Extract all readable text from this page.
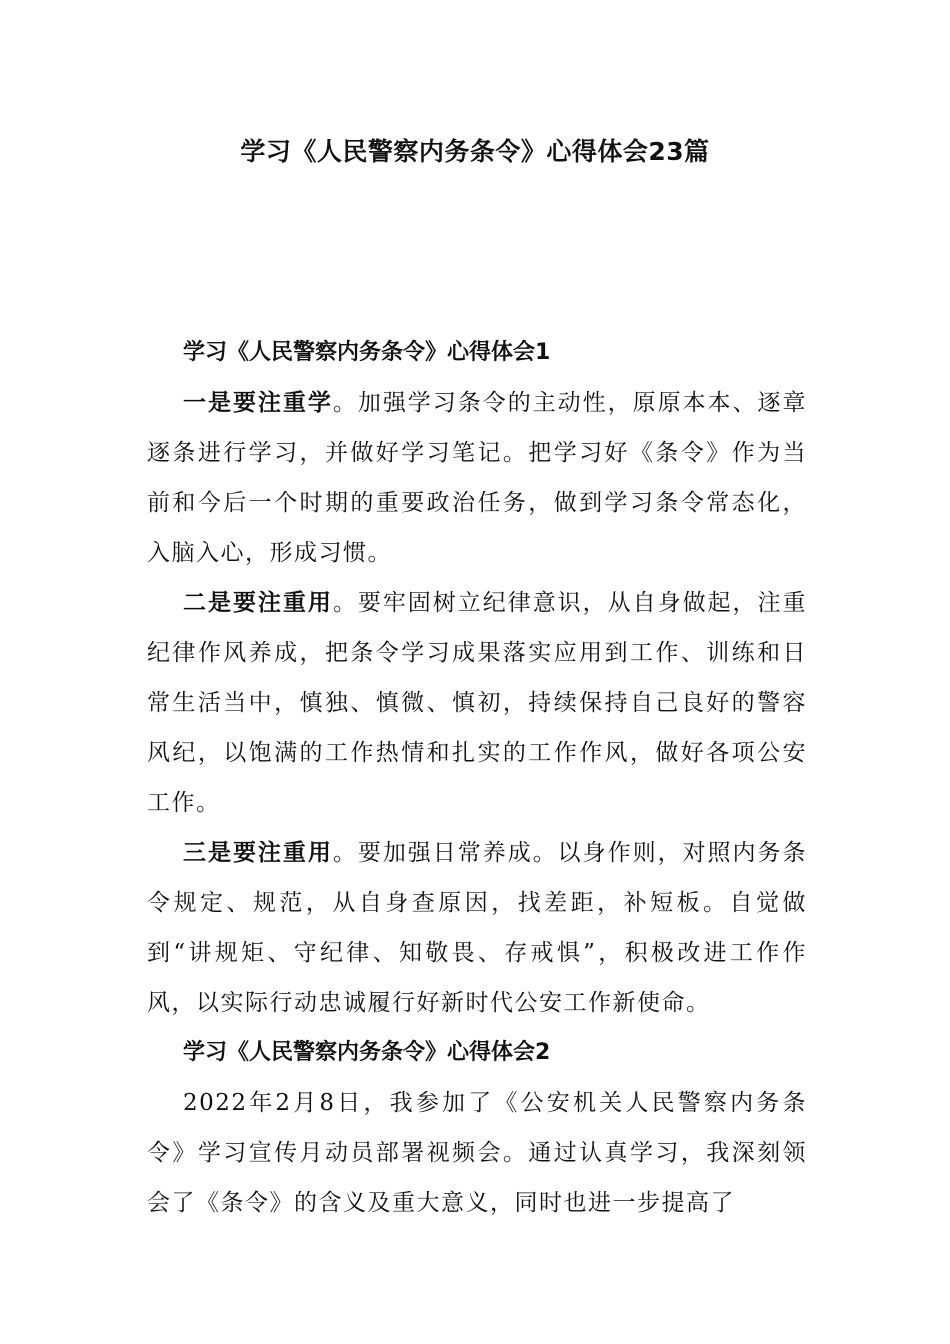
学习《人民警察内务条令》心得体会23篇

学习《人民警察内务条令》心得体会1

一是要注重学。加强学习条令的主动性，原原本本、逐章逐条进行学习，并做好学习笔记。把学习好《条令》作为当前和今后一个时期的重要政治任务，做到学习条令常态化，入脑入心，形成习惯。

二是要注重用。要牢固树立纪律意识，从自身做起，注重纪律作风养成，把条令学习成果落实应用到工作、训练和日常生活当中，慎独、慎微、慎初，持续保持自己良好的警容风纪，以饱满的工作热情和扎实的工作作风，做好各项公安工作。

三是要注重用。要加强日常养成。以身作则，对照内务条令规定、规范，从自身查原因，找差距，补短板。自觉做到“讲规矩、守纪律、知敬畏、存戒惧”，积极改进工作作风，以实际行动忠诚履行好新时代公安工作新使命。

学习《人民警察内务条令》心得体会2

2022年2月8日，我参加了《公安机关人民警察内务条令》学习宣传月动员部署视频会。通过认真学习，我深刻领会了《条令》的含义及重大意义，同时也进一步提高了
